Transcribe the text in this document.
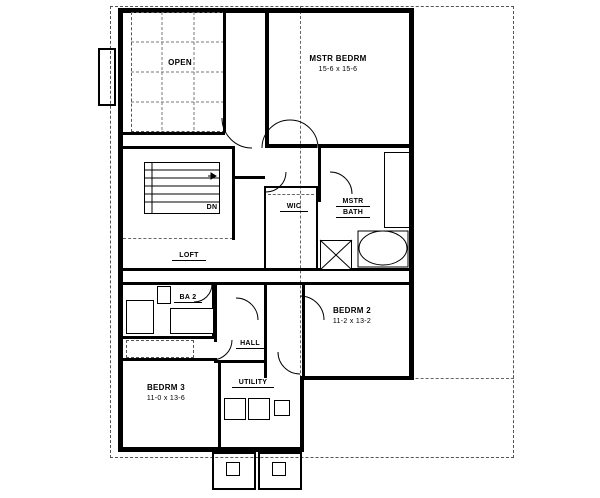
OPEN	MSTR BEDRM
15-6 x 15-6
DN
LOFT
WIC
MSTR
BATH
BA 2
BEDRM 2
11-2 x 13-2
HALL
BEDRM 3
11-0 x 13-6
UTILITY
